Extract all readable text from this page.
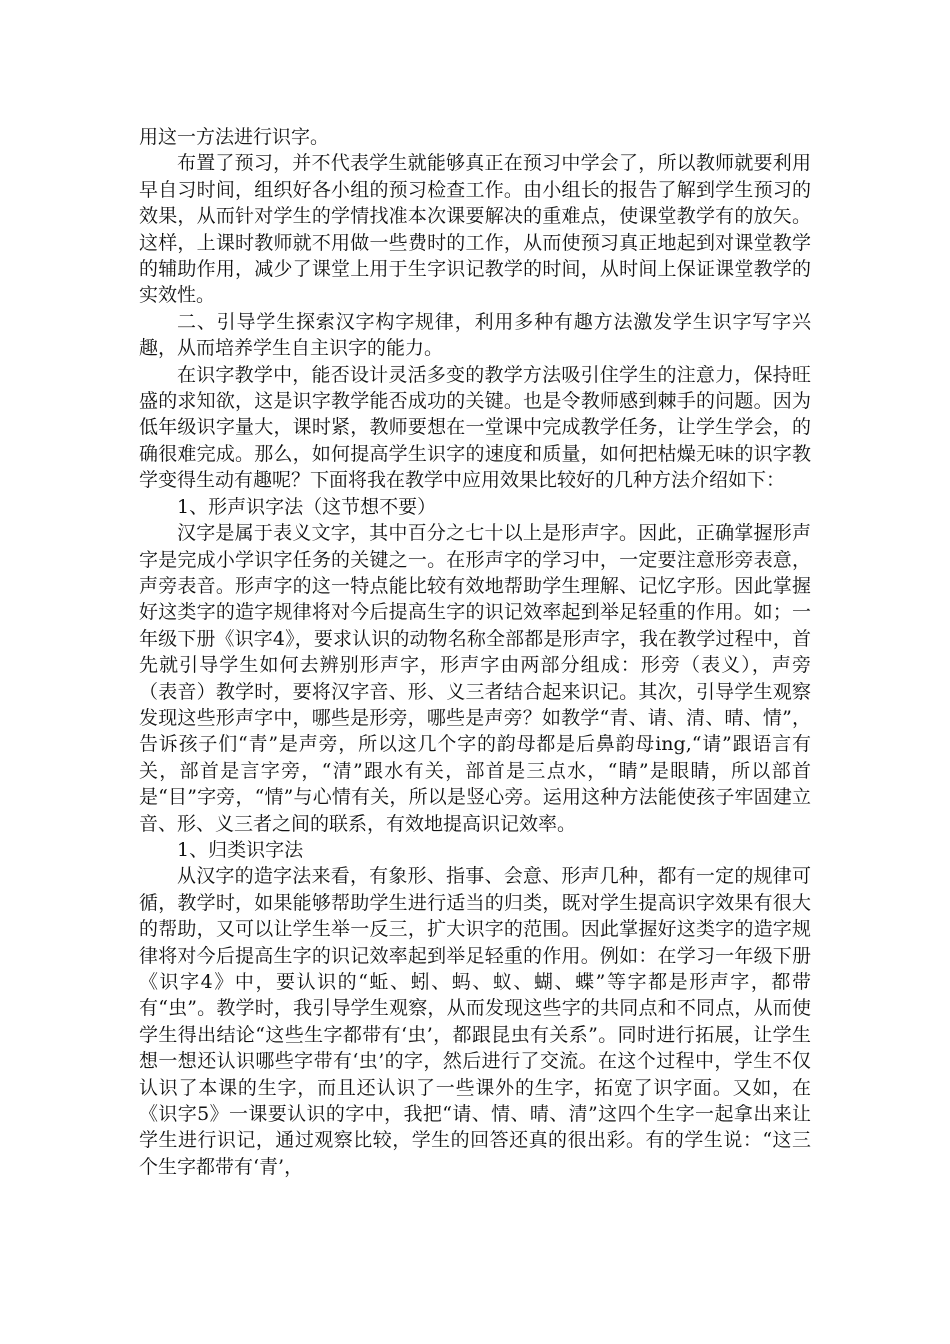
用这一方法进行识字。

布置了预习，并不代表学生就能够真正在预习中学会了，所以教师就要利用早自习时间，组织好各小组的预习检查工作。由小组长的报告了解到学生预习的效果，从而针对学生的学情找准本次课要解决的重难点，使课堂教学有的放矢。这样，上课时教师就不用做一些费时的工作，从而使预习真正地起到对课堂教学的辅助作用，减少了课堂上用于生字识记教学的时间，从时间上保证课堂教学的实效性。

二、引导学生探索汉字构字规律，利用多种有趣方法激发学生识字写字兴趣，从而培养学生自主识字的能力。

在识字教学中，能否设计灵活多变的教学方法吸引住学生的注意力，保持旺盛的求知欲，这是识字教学能否成功的关键。也是令教师感到棘手的问题。因为低年级识字量大，课时紧，教师要想在一堂课中完成教学任务，让学生学会，的确很难完成。那么，如何提高学生识字的速度和质量，如何把枯燥无味的识字教学变得生动有趣呢？下面将我在教学中应用效果比较好的几种方法介绍如下：

1、形声识字法（这节想不要）

汉字是属于表义文字，其中百分之七十以上是形声字。因此，正确掌握形声字是完成小学识字任务的关键之一。在形声字的学习中，一定要注意形旁表意，声旁表音。形声字的这一特点能比较有效地帮助学生理解、记忆字形。因此掌握好这类字的造字规律将对今后提高生字的识记效率起到举足轻重的作用。如；一年级下册《识字4》，要求认识的动物名称全部都是形声字，我在教学过程中，首先就引导学生如何去辨别形声字，形声字由两部分组成：形旁（表义），声旁（表音）教学时，要将汉字音、形、义三者结合起来识记。其次，引导学生观察发现这些形声字中，哪些是形旁，哪些是声旁？如教学“青、请、清、晴、情”，告诉孩子们“青”是声旁，所以这几个字的韵母都是后鼻韵母ing,“请”跟语言有关，部首是言字旁，“清”跟水有关，部首是三点水，“睛”是眼睛，所以部首是“目”字旁，“情”与心情有关，所以是竖心旁。运用这种方法能使孩子牢固建立音、形、义三者之间的联系，有效地提高识记效率。

1、归类识字法

从汉字的造字法来看，有象形、指事、会意、形声几种，都有一定的规律可循，教学时，如果能够帮助学生进行适当的归类，既对学生提高识字效果有很大的帮助，又可以让学生举一反三，扩大识字的范围。因此掌握好这类字的造字规律将对今后提高生字的识记效率起到举足轻重的作用。例如：在学习一年级下册《识字4》中，要认识的“蚯、蚓、蚂、蚁、蝴、蝶”等字都是形声字，都带有“虫”。教学时，我引导学生观察，从而发现这些字的共同点和不同点，从而使学生得出结论“这些生字都带有‘虫’，都跟昆虫有关系”。同时进行拓展，让学生想一想还认识哪些字带有‘虫’的字，然后进行了交流。在这个过程中，学生不仅认识了本课的生字，而且还认识了一些课外的生字，拓宽了识字面。又如，在《识字5》一课要认识的字中，我把“请、情、晴、清”这四个生字一起拿出来让学生进行识记，通过观察比较，学生的回答还真的很出彩。有的学生说：“这三个生字都带有‘青’，
